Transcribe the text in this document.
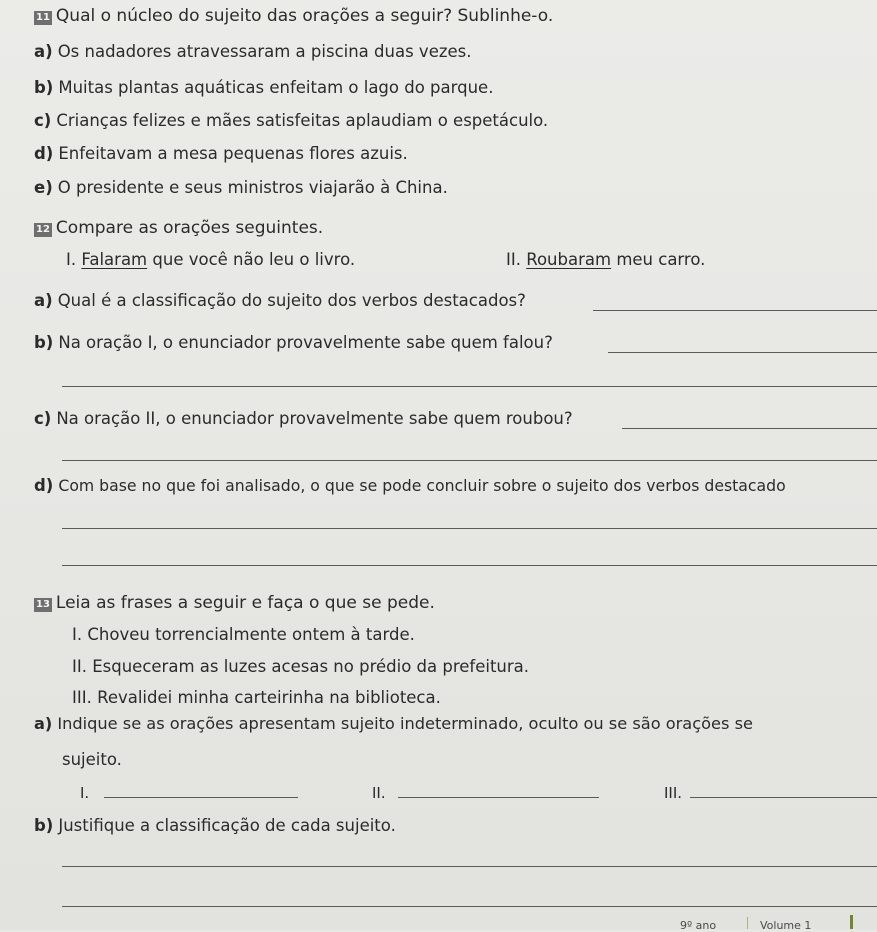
11 Qual o núcleo do sujeito das orações a seguir? Sublinhe-o.
a) Os nadadores atravessaram a piscina duas vezes.
b) Muitas plantas aquáticas enfeitam o lago do parque.
c) Crianças felizes e mães satisfeitas aplaudiam o espetáculo.
d) Enfeitavam a mesa pequenas flores azuis.
e) O presidente e seus ministros viajarão à China.
12 Compare as orações seguintes.
I. Falaram que você não leu o livro.	II. Roubaram meu carro.
a) Qual é a classificação do sujeito dos verbos destacados?
b) Na oração I, o enunciador provavelmente sabe quem falou?
c) Na oração II, o enunciador provavelmente sabe quem roubou?
d) Com base no que foi analisado, o que se pode concluir sobre o sujeito dos verbos destacado
13 Leia as frases a seguir e faça o que se pede.
I. Choveu torrencialmente ontem à tarde.
II. Esqueceram as luzes acesas no prédio da prefeitura.
III. Revalidei minha carteirinha na biblioteca.
a) Indique se as orações apresentam sujeito indeterminado, oculto ou se são orações se
sujeito.
I.	II.	III.
b) Justifique a classificação de cada sujeito.
9º ano	Volume 1
